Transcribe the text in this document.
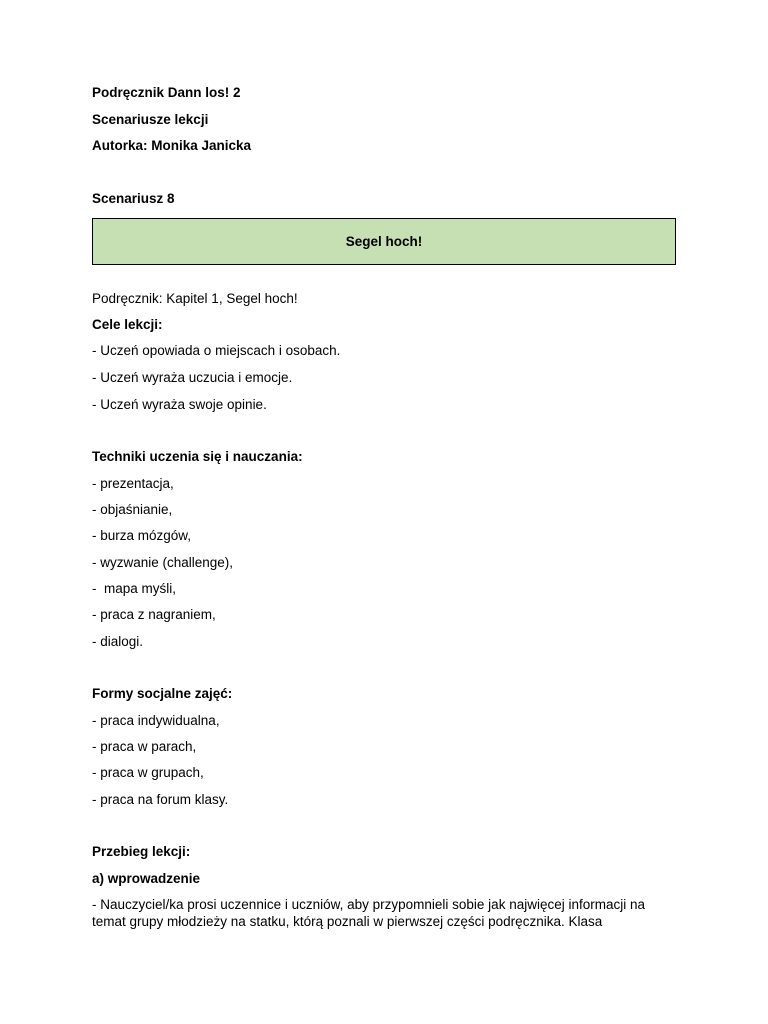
Podręcznik Dann los! 2
Scenariusze lekcji
Autorka: Monika Janicka
Scenariusz 8
Segel hoch!
Podręcznik: Kapitel 1, Segel hoch!
Cele lekcji:
- Uczeń opowiada o miejscach i osobach.
- Uczeń wyraża uczucia i emocje.
- Uczeń wyraża swoje opinie.
Techniki uczenia się i nauczania:
- prezentacja,
- objaśnianie,
- burza mózgów,
- wyzwanie (challenge),
-  mapa myśli,
- praca z nagraniem,
- dialogi.
Formy socjalne zajęć:
- praca indywidualna,
- praca w parach,
- praca w grupach,
- praca na forum klasy.
Przebieg lekcji:
a) wprowadzenie
- Nauczyciel/ka prosi uczennice i uczniów, aby przypomnieli sobie jak najwięcej informacji na temat grupy młodzieży na statku, którą poznali w pierwszej części podręcznika. Klasa
